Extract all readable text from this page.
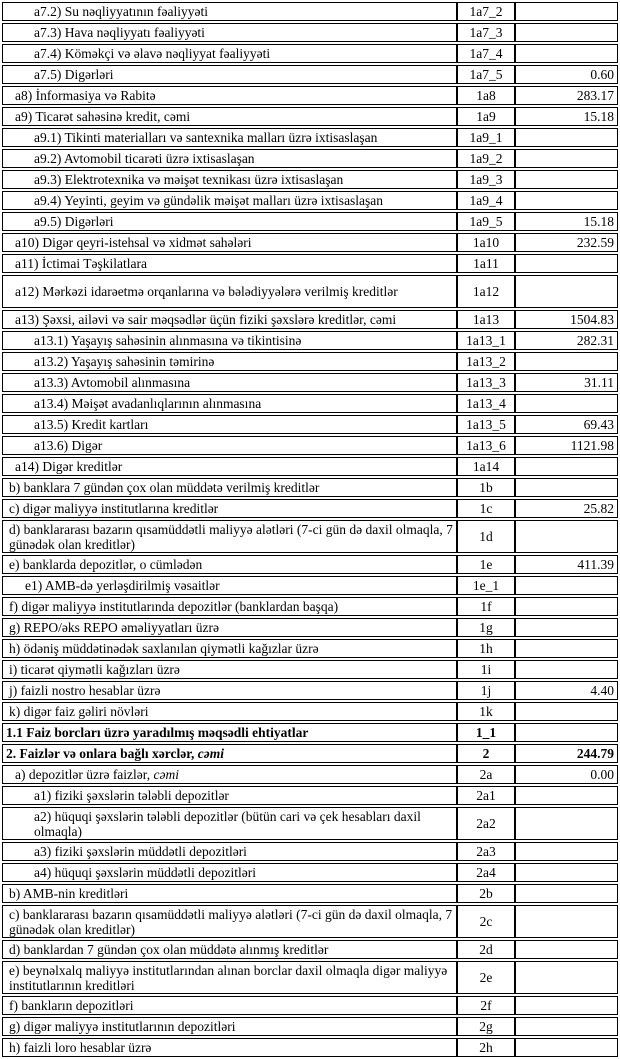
a7.2) Su nəqliyyatının fəaliyyəti	1a7_2	
a7.3) Hava nəqliyyatı fəaliyyəti	1a7_3	
a7.4) Köməkçi və əlavə nəqliyyat fəaliyyəti	1a7_4	
a7.5) Digərləri	1a7_5	0.60
a8) İnformasiya və Rabitə	1a8	283.17
a9) Ticarət sahəsinə kredit, cəmi	1a9	15.18
a9.1) Tikinti materialları və santexnika malları üzrə ixtisaslaşan	1a9_1	
a9.2) Avtomobil ticarəti üzrə ixtisaslaşan	1a9_2	
a9.3) Elektrotexnika və məişət texnikası üzrə ixtisaslaşan	1a9_3	
a9.4) Yeyinti, geyim və gündəlik məişət malları üzrə ixtisaslaşan	1a9_4	
a9.5) Digərləri	1a9_5	15.18
a10) Digər qeyri-istehsal və xidmət sahələri	1a10	232.59
a11) İctimai Təşkilatlara	1a11	
a12) Mərkəzi idarəetmə orqanlarına və bələdiyyələrə verilmiş kreditlər	1a12	
a13) Şəxsi, ailəvi və sair məqsədlər üçün fiziki şəxslərə kreditlər, cəmi	1a13	1504.83
a13.1) Yaşayış sahəsinin alınmasına və tikintisinə	1a13_1	282.31
a13.2) Yaşayış sahəsinin təmirinə	1a13_2	
a13.3) Avtomobil alınmasına	1a13_3	31.11
a13.4) Məişət avadanlıqlarının alınmasına	1a13_4	
a13.5) Kredit kartları	1a13_5	69.43
a13.6) Digər	1a13_6	1121.98
a14) Digər kreditlər	1a14	
b) banklara 7 gündən çox olan müddətə verilmiş kreditlər	1b	
c) digər maliyyə institutlarına kreditlər	1c	25.82
d) banklararası bazarın qısamüddətli maliyyə alətləri (7-ci gün də daxil olmaqla, 7 günədək olan kreditlər)	1d	
e) banklarda depozitlər, o cümlədən	1e	411.39
e1) AMB-də yerləşdirilmiş vəsaitlər	1e_1	
f) digər maliyyə institutlarında depozitlər (banklardan başqa)	1f	
g) REPO/əks REPO əməliyyatları üzrə	1g	
h) ödəniş müddətinədək saxlanılan qiymətli kağızlar üzrə	1h	
i) ticarət qiymətli kağızları üzrə	1i	
j) faizli nostro hesablar üzrə	1j	4.40
k) digər faiz gəliri növləri	1k	
1.1 Faiz borcları üzrə yaradılmış məqsədli ehtiyatlar	1_1	
2. Faizlər və onlara bağlı xərclər, cəmi	2	244.79
a) depozitlər üzrə faizlər, cəmi	2a	0.00
a1) fiziki şəxslərin tələbli depozitlər	2a1	
a2) hüquqi şəxslərin tələbli depozitlər (bütün cari və çek hesabları daxil olmaqla)	2a2	
a3) fiziki şəxslərin müddətli depozitləri	2a3	
a4) hüquqi şəxslərin müddətli depozitləri	2a4	
b) AMB-nin kreditləri	2b	
c) banklararası bazarın qısamüddətli maliyyə alətləri (7-ci gün də daxil olmaqla, 7 günədək olan kreditlər)	2c	
d) banklardan 7 gündən çox olan müddətə alınmış kreditlər	2d	
e) beynəlxalq maliyyə institutlarından alınan borclar daxil olmaqla digər maliyyə institutlarının kreditləri	2e	
f) bankların depozitləri	2f	
g) digər maliyyə institutlarının depozitləri	2g	
h) faizli loro hesablar üzrə	2h	
